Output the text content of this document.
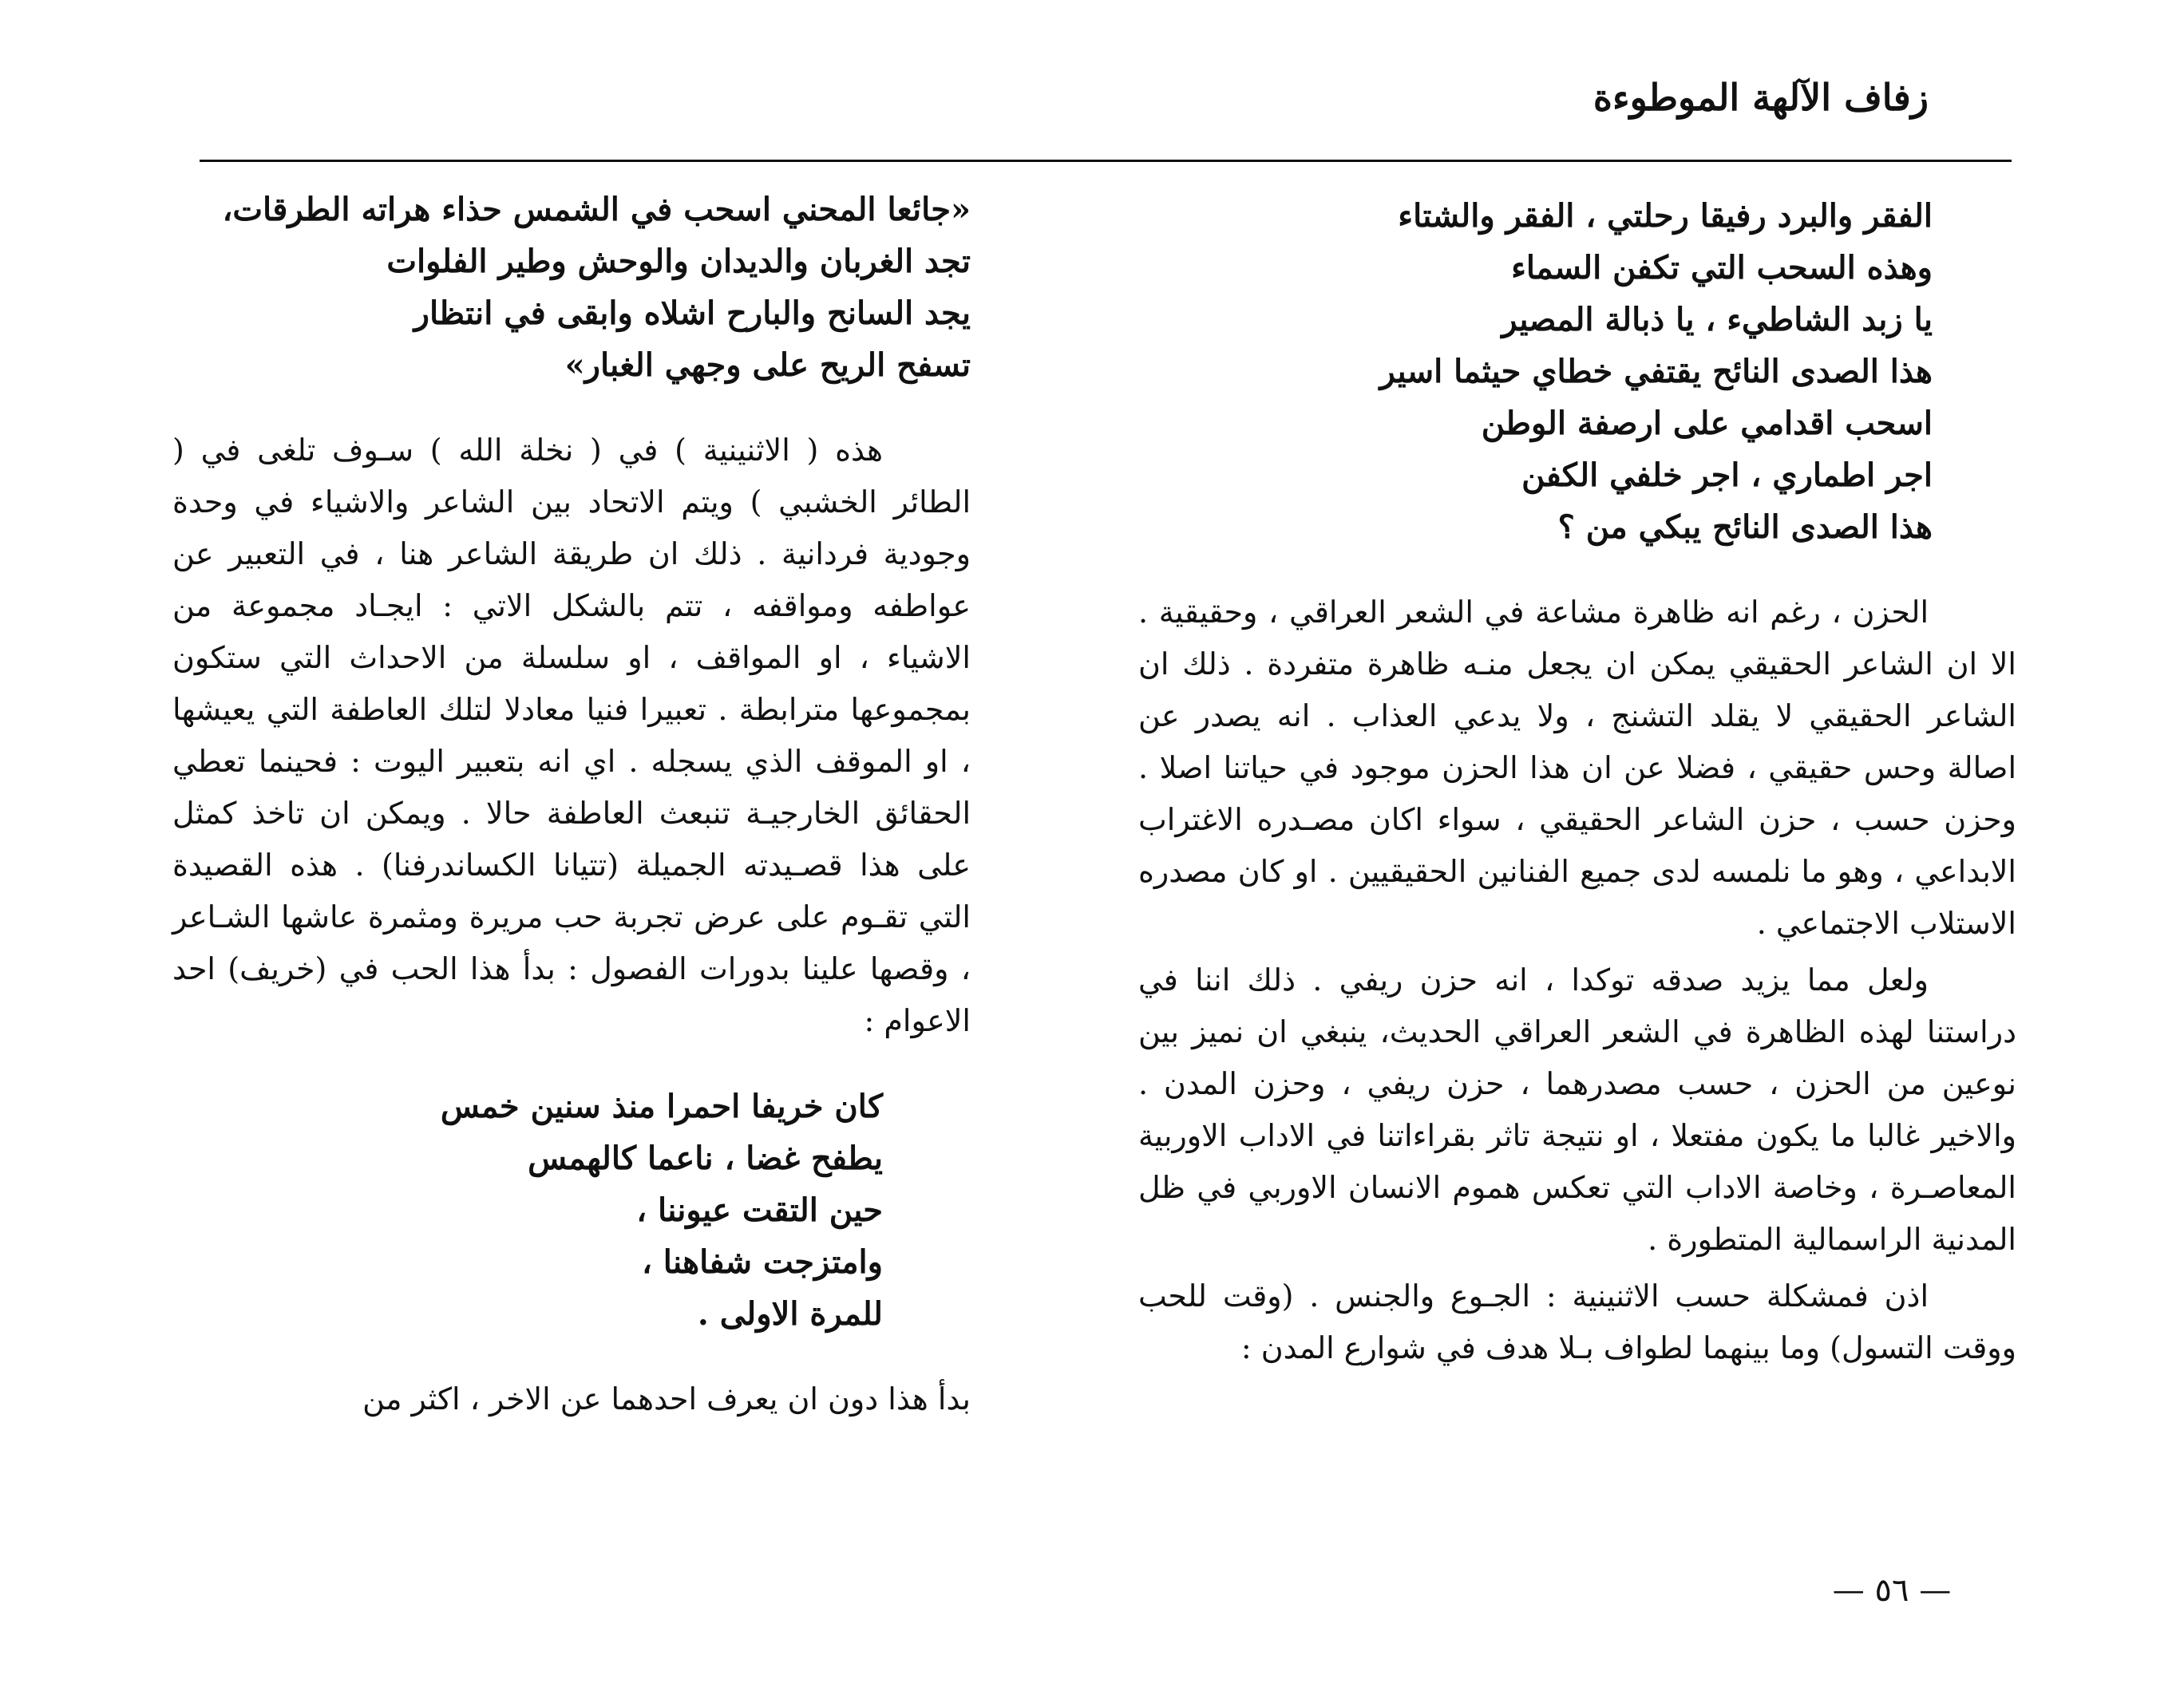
زفاف الآلهة الموطوءة
الفقر والبرد رفيقا رحلتي ، الفقر والشتاء
وهذه السحب التي تكفن السماء
يا زبد الشاطيء ، يا ذبالة المصير
هذا الصدى النائح يقتفي خطاي حيثما اسير
اسحب اقدامي على ارصفة الوطن
اجر اطماري ، اجر خلفي الكفن
هذا الصدى النائح يبكي من ؟

الحزن ، رغم انه ظاهرة مشاعة في الشعر العراقي ، وحقيقية . الا ان الشاعر الحقيقي يمكن ان يجعل منـه ظاهرة متفردة . ذلك ان الشاعر الحقيقي لا يقلد التشنج ، ولا يدعي العذاب . انه يصدر عن اصالة وحس حقيقي ، فضلا عن ان هذا الحزن موجود في حياتنا اصلا . وحزن حسب ، حزن الشاعر الحقيقي ، سواء اكان مصـدره الاغتراب الابداعي ، وهو ما نلمسه لدى جميع الفنانين الحقيقيين . او كان مصدره الاستلاب الاجتماعي .

ولعل مما يزيد صدقه توكدا ، انه حزن ريفي . ذلك اننا في دراستنا لهذه الظاهرة في الشعر العراقي الحديث، ينبغي ان نميز بين نوعين من الحزن ، حسب مصدرهما ، حزن ريفي ، وحزن المدن . والاخير غالبا ما يكون مفتعلا ، او نتيجة تاثر بقراءاتنا في الاداب الاوربية المعاصـرة ، وخاصة الاداب التي تعكس هموم الانسان الاوربي في ظل المدنية الراسمالية المتطورة .

اذن فمشكلة حسب الاثنينية : الجـوع والجنس . (وقت للحب ووقت التسول) وما بينهما لطواف بـلا هدف في شوارع المدن :

«جائعا المحني اسحب في الشمس حذاء هراته الطرقات،
تجد الغربان والديدان والوحش وطير الفلوات
يجد السانح والبارح اشلاه وابقى في انتظار
تسفح الريح على وجهي الغبار»

هذه ( الاثنينية ) في ( نخلة الله ) سـوف تلغى في ( الطائر الخشبي ) ويتم الاتحاد بين الشاعر والاشياء في وحدة وجودية فردانية . ذلك ان طريقة الشاعر هنا ، في التعبير عن عواطفه ومواقفه ، تتم بالشكل الاتي : ايجـاد مجموعة من الاشياء ، او المواقف ، او سلسلة من الاحداث التي ستكون بمجموعها مترابطة . تعبيرا فنيا معادلا لتلك العاطفة التي يعيشها ، او الموقف الذي يسجله . اي انه بتعبير اليوت : فحينما تعطي الحقائق الخارجيـة تنبعث العاطفة حالا . ويمكن ان تاخذ كمثل على هذا قصـيدته الجميلة (تتيانا الكساندرفنا) . هذه القصيدة التي تقـوم على عرض تجربة حب مريرة ومثمرة عاشها الشـاعر ، وقصها علينا بدورات الفصول : بدأ هذا الحب في (خريف) احد الاعوام :

كان خريفا احمرا منذ سنين خمس
يطفح غضا ، ناعما كالهمس
حين التقت عيوننا ،
وامتزجت شفاهنا ،
للمرة الاولى .

بدأ هذا دون ان يعرف احدهما عن الاخر ، اكثر من

— ٥٦ —
